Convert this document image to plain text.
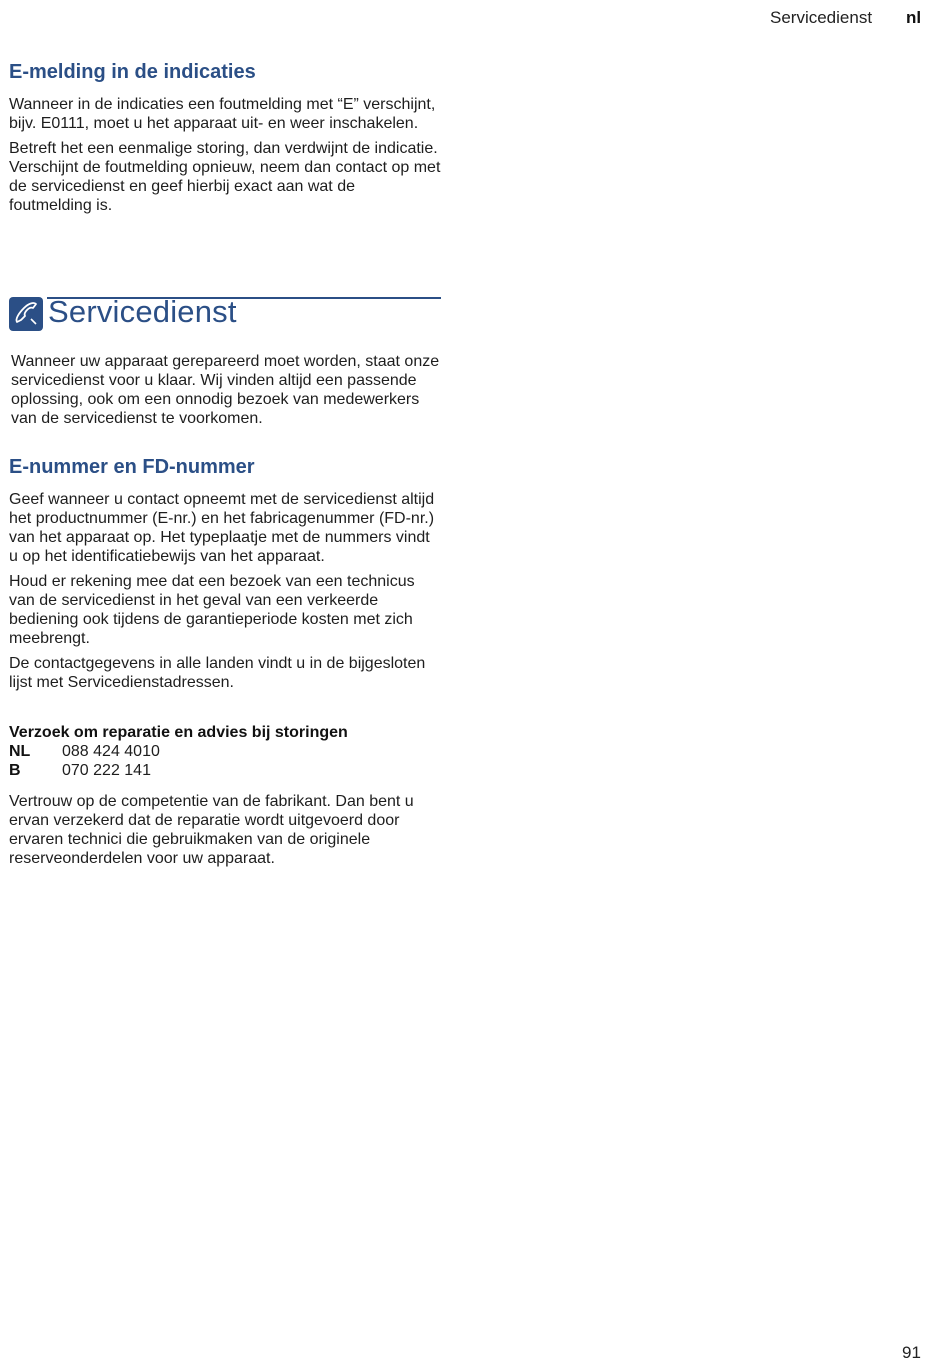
Servicedienst nl
E-melding in de indicaties

Wanneer in de indicaties een foutmelding met “E” verschijnt, bijv. E0111, moet u het apparaat uit- en weer inschakelen.

Betreft het een eenmalige storing, dan verdwijnt de indicatie. Verschijnt de foutmelding opnieuw, neem dan contact op met de servicedienst en geef hierbij exact aan wat de foutmelding is.

Servicedienst

Wanneer uw apparaat gerepareerd moet worden, staat onze servicedienst voor u klaar. Wij vinden altijd een passende oplossing, ook om een onnodig bezoek van medewerkers van de servicedienst te voorkomen.

E-nummer en FD-nummer

Geef wanneer u contact opneemt met de servicedienst altijd het productnummer (E-nr.) en het fabricagenummer (FD-nr.) van het apparaat op. Het typeplaatje met de nummers vindt u op het identificatiebewijs van het apparaat.

Houd er rekening mee dat een bezoek van een technicus van de servicedienst in het geval van een verkeerde bediening ook tijdens de garantieperiode kosten met zich meebrengt.

De contactgegevens in alle landen vindt u in de bijgesloten lijst met Servicedienstadressen.

Verzoek om reparatie en advies bij storingen
NL	088 424 4010
B	070 222 141

Vertrouw op de competentie van de fabrikant. Dan bent u ervan verzekerd dat de reparatie wordt uitgevoerd door ervaren technici die gebruikmaken van de originele reserveonderdelen voor uw apparaat.

91
